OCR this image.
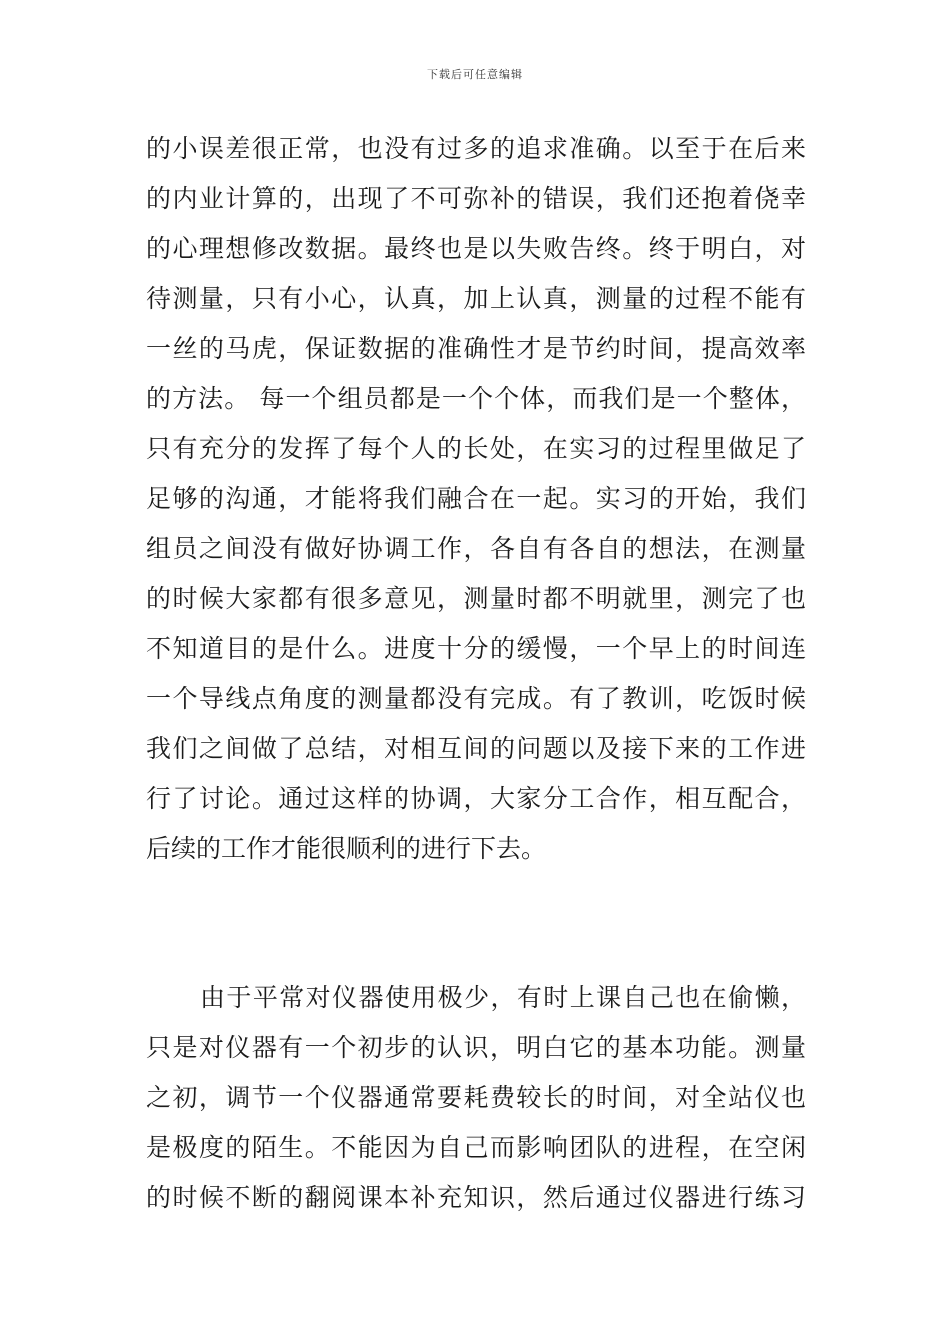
下载后可任意编辑
的小误差很正常，也没有过多的追求准确。以至于在后来
的内业计算的，出现了不可弥补的错误，我们还抱着侥幸
的心理想修改数据。最终也是以失败告终。终于明白，对
待测量，只有小心，认真，加上认真，测量的过程不能有
一丝的马虎，保证数据的准确性才是节约时间，提高效率
的方法。 每一个组员都是一个个体，而我们是一个整体，
只有充分的发挥了每个人的长处，在实习的过程里做足了
足够的沟通，才能将我们融合在一起。实习的开始，我们
组员之间没有做好协调工作，各自有各自的想法，在测量
的时候大家都有很多意见，测量时都不明就里，测完了也
不知道目的是什么。进度十分的缓慢，一个早上的时间连
一个导线点角度的测量都没有完成。有了教训，吃饭时候
我们之间做了总结，对相互间的问题以及接下来的工作进
行了讨论。通过这样的协调，大家分工合作，相互配合，
后续的工作才能很顺利的进行下去。
由于平常对仪器使用极少，有时上课自己也在偷懒，
只是对仪器有一个初步的认识，明白它的基本功能。测量
之初，调节一个仪器通常要耗费较长的时间，对全站仪也
是极度的陌生。不能因为自己而影响团队的进程，在空闲
的时候不断的翻阅课本补充知识，然后通过仪器进行练习
